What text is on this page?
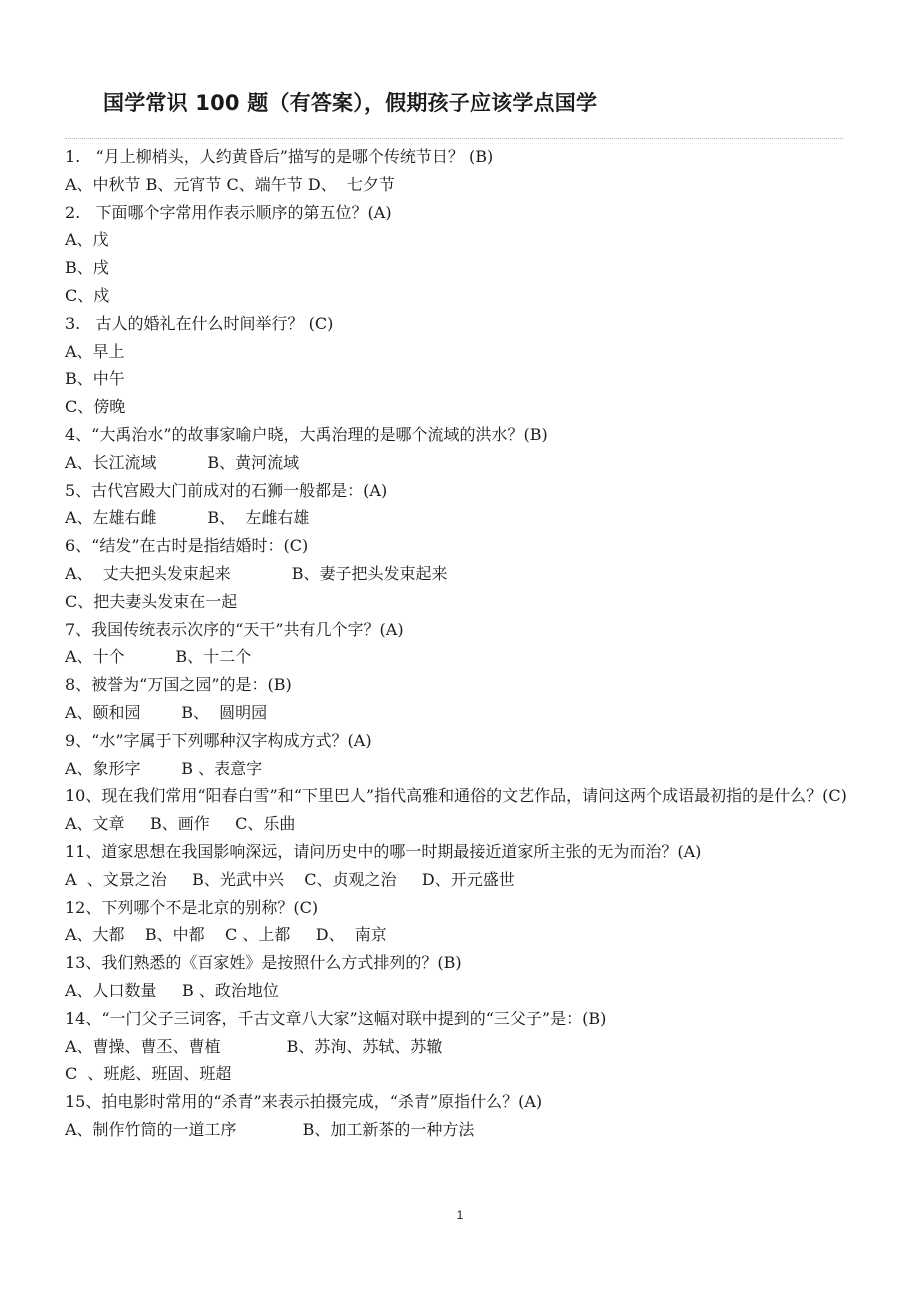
国学常识 100 题（有答案），假期孩子应该学点国学
1.   “月上柳梢头，人约黄昏后”描写的是哪个传统节日？ (B)
A、中秋节 B、元宵节 C、端午节 D、  七夕节
2.   下面哪个字常用作表示顺序的第五位？(A)
A、戊
B、戌
C、戍
3.   古人的婚礼在什么时间举行？ (C)
A、早上
B、中午
C、傍晚
4、“大禹治水”的故事家喻户晓，大禹治理的是哪个流域的洪水？(B)
A、长江流域          B、黄河流域
5、古代宫殿大门前成对的石狮一般都是：(A)
A、左雄右雌          B、  左雌右雄
6、“结发”在古时是指结婚时：(C)
A、  丈夫把头发束起来            B、妻子把头发束起来
C、把夫妻头发束在一起
7、我国传统表示次序的“天干”共有几个字？(A)
A、十个          B、十二个
8、被誉为“万国之园”的是：(B)
A、颐和园        B、  圆明园
9、“水”字属于下列哪种汉字构成方式？(A)
A、象形字        B 、表意字
10、现在我们常用“阳春白雪”和“下里巴人”指代高雅和通俗的文艺作品，请问这两个成语最初指的是什么？(C)
A、文章     B、画作     C、乐曲
11、道家思想在我国影响深远，请问历史中的哪一时期最接近道家所主张的无为而治？(A)
A  、文景之治     B、光武中兴    C、贞观之治     D、开元盛世
12、下列哪个不是北京的别称？(C)
A、大都    B、中都    C 、上都     D、  南京
13、我们熟悉的《百家姓》是按照什么方式排列的？(B)
A、人口数量     B 、政治地位
14、“一门父子三词客，千古文章八大家”这幅对联中提到的“三父子”是：(B)
A、曹操、曹丕、曹植             B、苏洵、苏轼、苏辙
C  、班彪、班固、班超
15、拍电影时常用的“杀青”来表示拍摄完成，“杀青”原指什么？(A)
A、制作竹筒的一道工序             B、加工新茶的一种方法
1
